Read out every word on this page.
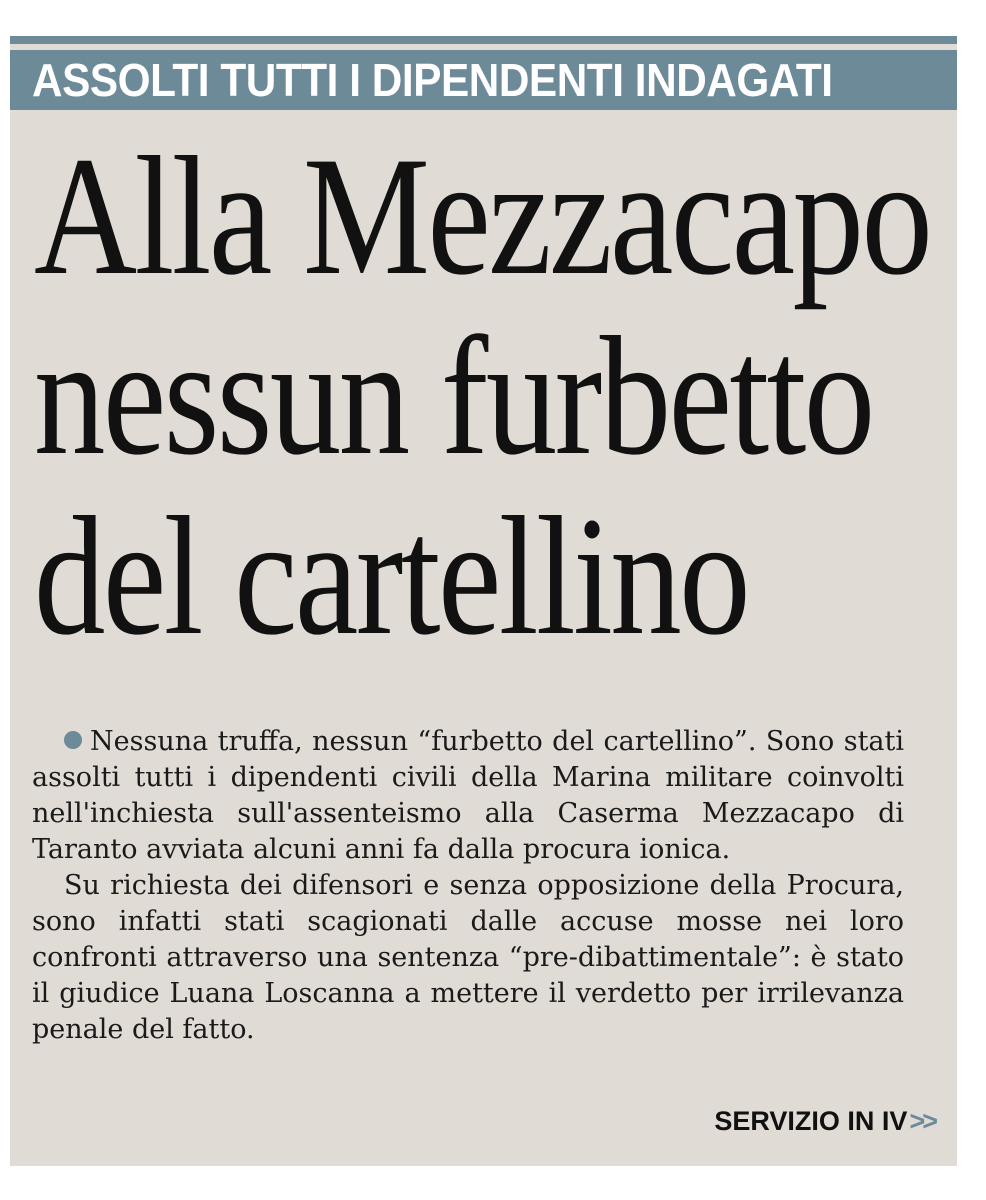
ASSOLTI TUTTI I DIPENDENTI INDAGATI
Alla Mezzacapo
nessun furbetto
del cartellino

Nessuna truffa, nessun “furbetto del cartellino”. Sono stati assolti tutti i dipendenti civili della Marina militare coinvolti nell'inchiesta sull'assenteismo alla Caserma Mezzacapo di Taranto avviata alcuni anni fa dalla procura ionica.

Su richiesta dei difensori e senza opposizione della Procura, sono infatti stati scagionati dalle accuse mosse nei loro confronti attraverso una sentenza “pre-dibattimentale”: è stato il giudice Luana Loscanna a mettere il verdetto per irrilevanza penale del fatto.

SERVIZIO IN IV>>
